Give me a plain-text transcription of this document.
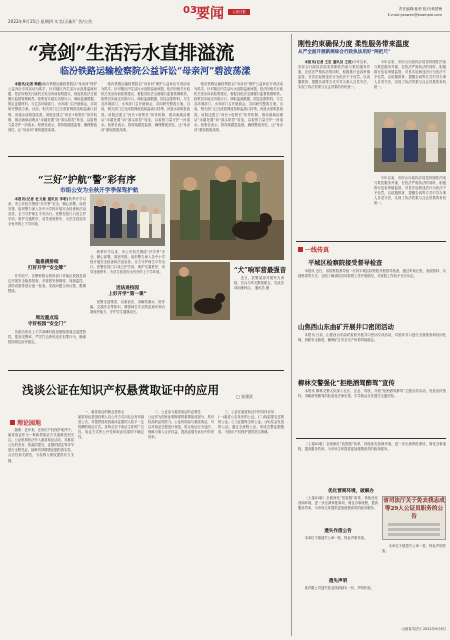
2022年9月15日 星期四 实名/天新/广告/公告
03 要闻	人民日报
责任编辑/崔荣 校对/黄国梅
E-mail:yaowen@example.com
“亮剑”生活污水直排溢流
临汾铁路运输检察院公益诉讼“母亲河”碧波荡漾

本报讯(记者 韩毅)临汾铁路运输检察院以“母亲河”保护公益诉讼专项活动为抓手，针对辖区内生活污水直排溢流问题，依法向相关行政机关发出诉前检察建议，督促其依法全面履行监督管理职责。检察官实地走访排污口，调取监测数据，固定证据材料，与生态环境部门、水务部门召开磋商会，共同研究整改方案。目前，相关部门已完成管网改造和溢流口封堵，河道水质明显改善。该院还建立“河长+检察长”协作机制，推动流域治理从“末端处置”向“源头防控”转变，以检察力量守护一河清水。检察长表示，将持续跟进监督，确保整改到位，让“母亲河”重现碧波荡漾。

临汾铁路运输检察院以“母亲河”保护公益诉讼专项活动为抓手，针对辖区内生活污水直排溢流问题，依法向相关行政机关发出诉前检察建议，督促其依法全面履行监督管理职责。检察官实地走访排污口，调取监测数据，固定证据材料，与生态环境部门、水务部门召开磋商会，共同研究整改方案。目前，相关部门已完成管网改造和溢流口封堵，河道水质明显改善。该院还建立“河长+检察长”协作机制，推动流域治理从“末端处置”向“源头防控”转变，以检察力量守护一河清水。检察长表示，将持续跟进监督，确保整改到位，让“母亲河”重现碧波荡漾。

临汾铁路运输检察院以“母亲河”保护公益诉讼专项活动为抓手，针对辖区内生活污水直排溢流问题，依法向相关行政机关发出诉前检察建议，督促其依法全面履行监督管理职责。检察官实地走访排污口，调取监测数据，固定证据材料，与生态环境部门、水务部门召开磋商会，共同研究整改方案。目前，相关部门已完成管网改造和溢流口封堵，河道水质明显改善。该院还建立“河长+检察长”协作机制，推动流域治理从“末端处置”向“源头防控”转变，以检察力量守护一河清水。检察长表示，将持续跟进监督，确保整改到位，让“母亲河”重现碧波荡漾。

“三好”护航“警”彩有序
市组公安为全秋开学季保驾护航

本报讯(记者 杜文豪 通讯员 李明)秋季开学以来，市公安机关围绕“开学季”安全，精心部署，周密安排，组织警力深入各中小学校开展安全检查和法治宣传，全力守护师生平安出行。民警在校门口设立护学岗，维护交通秩序，劝导违规停车，为学生营造安全有序的上下学环境。

隐患摸排细
打好开学“安全牌”

开学前夕，各警种联合教育部门对辖区校园及周边开展安全隐患排查，对校园安保制度、视频监控、消防设施等进行逐一检查，发现问题当场反馈，限期整改。

周边重点巡
守好校园“安全门”

各派出所在上下学高峰时段加强校园周边巡逻防控，提高见警率，严厉打击涉校违法犯罪行为，确保校园周边治安稳定。

秋季开学以来，市公安机关围绕“开学季”安全，精心部署，周密安排，组织警力深入各中小学校开展安全检查和法治宣传，全力守护师生平安出行。民警在校门口设立护学岗，维护交通秩序，劝导违规停车，为学生营造安全有序的上下学环境。

送法进校园
上好开学“第一课”

民警走进课堂，以案说法，讲解防溺水、防诈骗、交通安全等知识，增强师生安全防范意识和自我保护能力，守护学生健康成长。

“犬”响军营最强音

近日，武警某部开展军犬训练，官兵与军犬默契配合，完成各项训练科目。 通讯员 摄

浅谈公证在知识产权悬赏取证中的应用	□ 张建武
理论园地

摘要：近年来，在知识产权保护案件中，悬赏取证作为一种新型取证方式逐渐受到关注。公证机构依法介入悬赏取证活动，对悬赏公告的发布、线索的提交、证据的固定等环节进行全程见证，能够有效增强证据的真实性、合法性和关联性，为权利人维权提供有力支撑。

一、悬赏取证的概念及特点
悬赏取证是指权利人以公开方式向社会发布悬赏公告，对提供侵权线索或证据的人给予一定报酬的取证方式。其特点在于取证主体的广泛性、取证方式的公开性和取证结果的不确定性。

二、公证参与悬赏取证的必要性
公证作为国家证明制度的重要组成部分，具有较高的证明效力。公证机构参与悬赏取证，可以对取证过程进行规范，防止取证行为违法，保障当事人合法权益，提高证据在诉讼中的采信率。

三、公证在悬赏取证中的具体应用
(一)悬赏公告发布的公证。(二)线索提交过程的公证。(三)证据保全的公证。(四)奖金发放的公证。通过全流程公证，形成完整证据链条，为知识产权保护提供坚实保障。

刚性约束确保力度 柔性服务带来温度
从严全面开展新规综合行政执法用好“两把尺”

本报讯(记者 王宏 通讯员 王亮)今年以来，市综合行政执法局坚持刚性约束与柔性服务并重，在依法严格执法的同时，积极推行包容审慎监管，对首次轻微违法行为依法不予处罚，以说服教育、提醒告诫等方式引导当事人自觉守法，实现了执法效果与社会效果的有机统一。

今年以来，市综合行政执法局坚持刚性约束与柔性服务并重，在依法严格执法的同时，积极推行包容审慎监管，对首次轻微违法行为依法不予处罚，以说服教育、提醒告诫等方式引导当事人自觉守法，实现了执法效果与社会效果的有机统一。

今年以来，市综合行政执法局坚持刚性约束与柔性服务并重，在依法严格执法的同时，积极推行包容审慎监管，对首次轻微违法行为依法不予处罚，以说服教育、提醒告诫等方式引导当事人自觉守法，实现了执法效果与社会效果的有机统一。

一线传真
平城区检察院接受督导检查

本报讯 近日，省检察院督导组一行到平城区检察院开展督导检查，通过听取汇报、查阅资料、实地察看等方式，全面了解该院各项检察工作开展情况，对该院工作给予充分肯定。

山焦西山东曲矿开展井口密闭活动

本报讯 日前，山焦西山东曲矿组织开展井口密闭专项活动，对废弃井口进行全面排查和封闭处理，消除安全隐患，确保矿区安全生产形势持续稳定。

柳林交警强化“拒绝酒驾醉驾”宣传

本报讯 柳林交警大队深入社区、企业、驾校，开展“拒绝酒驾醉驾”主题宣传活动，发放宣传资料，讲解酒驾醉驾的危害及法律后果，引导群众自觉遵守交通法规。

（上接01版）全面深化“放管服”改革，持续优化营商环境，进一步压减审批事项，简化办事流程，提高服务效率，为市场主体提供更加便捷高效的政务服务。

优化营商环境，破解办

（上接01版）全面深化“放管服”改革，持续优化营商环境，进一步压减审批事项，简化办事流程，提高服务效率，为市场主体提供更加便捷高效的政务服务。

省司法厅关于免去我志成等29人公证员职务的公告
遗失作废公告

本单位不慎遗失公章一枚，特此声明作废。

遗失声明

某有限公司遗失营业执照副本一份，声明作废。

本单位不慎遗失公章一枚，特此声明作废。

山西省司法厅 2022年9月8日
